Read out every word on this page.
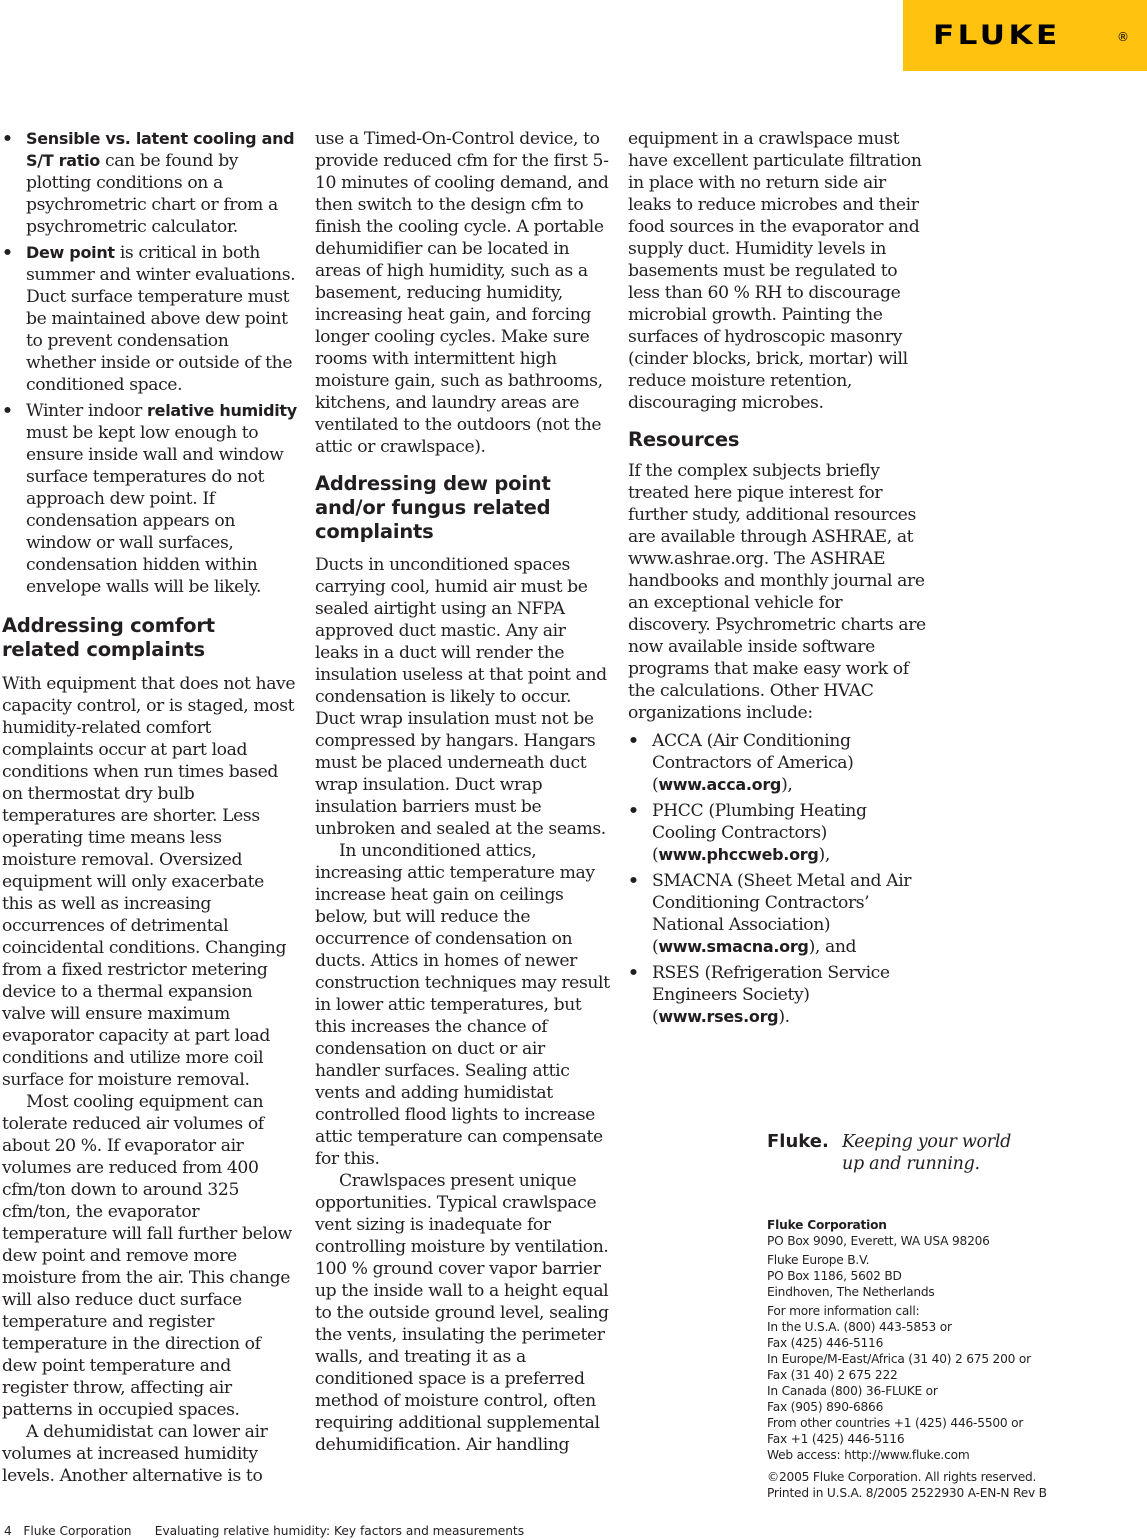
FLUKE	®
• Sensible vs. latent cooling and S/T ratio can be found by plotting conditions on a psychrometric chart or from a psychrometric calculator.
• Dew point is critical in both summer and winter evaluations. Duct surface temperature must be maintained above dew point to prevent condensation whether inside or outside of the conditioned space.
• Winter indoor relative humidity must be kept low enough to ensure inside wall and window surface temperatures do not approach dew point. If condensation appears on window or wall surfaces, condensation hidden within envelope walls will be likely.
Addressing comfort related complaints

With equipment that does not have capacity control, or is staged, most humidity-related comfort complaints occur at part load conditions when run times based on thermostat dry bulb temperatures are shorter. Less operating time means less moisture removal. Oversized equipment will only exacerbate this as well as increasing occurrences of detrimental coincidental conditions. Changing from a fixed restrictor metering device to a thermal expansion valve will ensure maximum evaporator capacity at part load conditions and utilize more coil surface for moisture removal.

Most cooling equipment can tolerate reduced air volumes of about 20 %. If evaporator air volumes are reduced from 400 cfm/ton down to around 325 cfm/ton, the evaporator temperature will fall further below dew point and remove more moisture from the air. This change will also reduce duct surface temperature and register temperature in the direction of dew point temperature and register throw, affecting air patterns in occupied spaces.

A dehumidistat can lower air volumes at increased humidity levels. Another alternative is to

use a Timed-On-Control device, to provide reduced cfm for the first 5-10 minutes of cooling demand, and then switch to the design cfm to finish the cooling cycle. A portable dehumidifier can be located in areas of high humidity, such as a basement, reducing humidity, increasing heat gain, and forcing longer cooling cycles. Make sure rooms with intermittent high moisture gain, such as bathrooms, kitchens, and laundry areas are ventilated to the outdoors (not the attic or crawlspace).

Addressing dew point and/or fungus related complaints

Ducts in unconditioned spaces carrying cool, humid air must be sealed airtight using an NFPA approved duct mastic. Any air leaks in a duct will render the insulation useless at that point and condensation is likely to occur. Duct wrap insulation must not be compressed by hangars. Hangars must be placed underneath duct wrap insulation. Duct wrap insulation barriers must be unbroken and sealed at the seams.

In unconditioned attics, increasing attic temperature may increase heat gain on ceilings below, but will reduce the occurrence of condensation on ducts. Attics in homes of newer construction techniques may result in lower attic temperatures, but this increases the chance of condensation on duct or air handler surfaces. Sealing attic vents and adding humidistat controlled flood lights to increase attic temperature can compensate for this.

Crawlspaces present unique opportunities. Typical crawlspace vent sizing is inadequate for controlling moisture by ventilation. 100 % ground cover vapor barrier up the inside wall to a height equal to the outside ground level, sealing the vents, insulating the perimeter walls, and treating it as a conditioned space is a preferred method of moisture control, often requiring additional supplemental dehumidification. Air handling

equipment in a crawlspace must have excellent particulate filtration in place with no return side air leaks to reduce microbes and their food sources in the evaporator and supply duct. Humidity levels in basements must be regulated to less than 60 % RH to discourage microbial growth. Painting the surfaces of hydroscopic masonry (cinder blocks, brick, mortar) will reduce moisture retention, discouraging microbes.

Resources

If the complex subjects briefly treated here pique interest for further study, additional resources are available through ASHRAE, at www.ashrae.org. The ASHRAE handbooks and monthly journal are an exceptional vehicle for discovery. Psychrometric charts are now available inside software programs that make easy work of the calculations. Other HVAC organizations include:

• ACCA (Air Conditioning Contractors of America) (www.acca.org),
• PHCC (Plumbing Heating Cooling Contractors) (www.phccweb.org),
• SMACNA (Sheet Metal and Air Conditioning Contractors’ National Association) (www.smacna.org), and
• RSES (Refrigeration Service Engineers Society) (www.rses.org).
Fluke. Keeping your world
up and running.
Fluke Corporation
PO Box 9090, Everett, WA USA 98206
Fluke Europe B.V.
PO Box 1186, 5602 BD
Eindhoven, The Netherlands
For more information call:
In the U.S.A. (800) 443-5853 or
Fax (425) 446-5116
In Europe/M-East/Africa (31 40) 2 675 200 or
Fax (31 40) 2 675 222
In Canada (800) 36-FLUKE or
Fax (905) 890-6866
From other countries +1 (425) 446-5500 or
Fax +1 (425) 446-5116
Web access: http://www.fluke.com
©2005 Fluke Corporation. All rights reserved.
Printed in U.S.A. 8/2005 2522930 A-EN-N Rev B
4 Fluke Corporation Evaluating relative humidity: Key factors and measurements
